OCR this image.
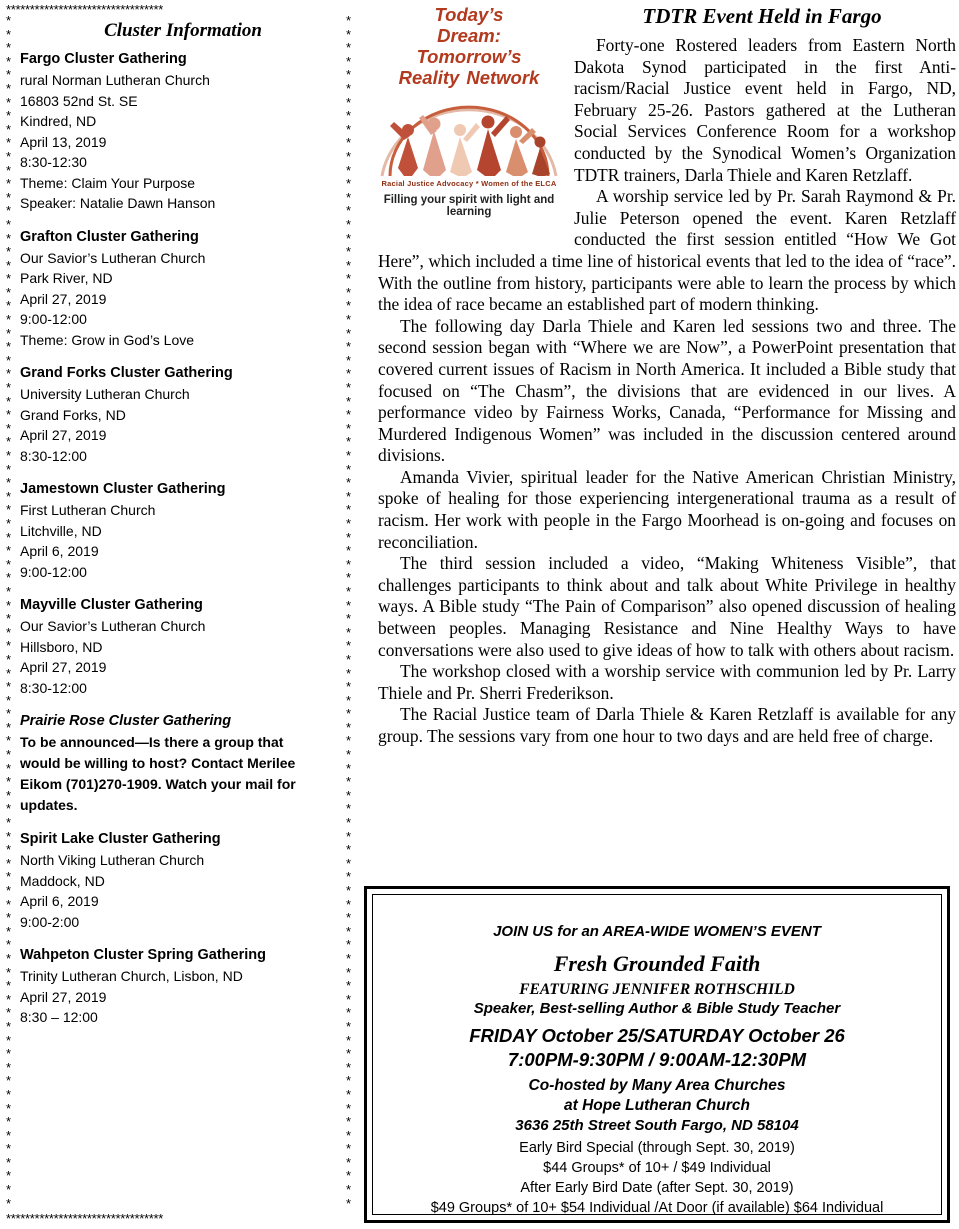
*********************************
*
*
*
*
*
*
*
*
*
*
*
*
*
*
*
*
*
*
*
*
*
*
*
*
*
*
*
*
*
*
*
*
*
*
*
*
*
*
*
*
*
*
*
*
*
*
*
*
*
*
*
*
*
*
*
*
*
*
*
*
*
*
*
*
*
*
*
*
*
*
*
*
*
*
*
*
*
*
*
*
*
*
*
*
*
*
*
*

*
*
*
*
*
*
*
*
*
*
*
*
*
*
*
*
*
*
*
*
*
*
*
*
*
*
*
*
*
*
*
*
*
*
*
*
*
*
*
*
*
*
*
*
*
*
*
*
*
*
*
*
*
*
*
*
*
*
*
*
*
*
*
*
*
*
*
*
*
*
*
*
*
*
*
*
*
*
*
*
*
*
*
*
*
*
*
*

Cluster Information
Fargo Cluster Gathering
rural Norman Lutheran Church
16803 52nd St. SE
Kindred, ND
April 13, 2019
8:30-12:30
Theme: Claim Your Purpose
Speaker: Natalie Dawn Hanson
Grafton Cluster Gathering
Our Savior’s Lutheran Church
Park River, ND
April 27, 2019
9:00-12:00
Theme: Grow in God’s Love
Grand Forks Cluster Gathering
University Lutheran Church
Grand Forks, ND
April 27, 2019
8:30-12:00
Jamestown Cluster Gathering
First Lutheran Church
Litchville, ND
April 6, 2019
9:00-12:00
Mayville Cluster Gathering
Our Savior’s Lutheran Church
Hillsboro, ND
April 27, 2019
8:30-12:00
Prairie Rose Cluster Gathering
To be announced—Is there a group that
would be willing to host? Contact Merilee
Eikom (701)270-1909. Watch your mail for
updates.
Spirit Lake Cluster Gathering
North Viking Lutheran Church
Maddock, ND
April 6, 2019
9:00-2:00
Wahpeton Cluster Spring Gathering
Trinity Lutheran Church, Lisbon, ND
April 27, 2019
8:30 – 12:00
*********************************
Today’s
Dream:
Tomorrow’s
Reality Network
Racial Justice Advocacy * Women of the ELCA
Filling your spirit with light and learning
TDTR Event Held in Fargo

Forty-one Rostered leaders from Eastern North Dakota Synod participated in the first Anti-racism/Racial Justice event held in Fargo, ND, February 25-26. Pastors gathered at the Lutheran Social Services Conference Room for a workshop conducted by the Synodical Women’s Organization TDTR trainers, Darla Thiele and Karen Retzlaff.

A worship service led by Pr. Sarah Raymond & Pr. Julie Peterson opened the event. Karen Retzlaff conducted the first session entitled “How We Got Here”, which included a time line of historical events that led to the idea of “race”. With the outline from history, participants were able to learn the process by which the idea of race became an established part of modern thinking.

The following day Darla Thiele and Karen led sessions two and three. The second session began with “Where we are Now”, a PowerPoint presentation that covered current issues of Racism in North America. It included a Bible study that focused on “The Chasm”, the divisions that are evidenced in our lives. A performance video by Fairness Works, Canada, “Performance for Missing and Murdered Indigenous Women” was included in the discussion centered around divisions.

Amanda Vivier, spiritual leader for the Native American Christian Ministry, spoke of healing for those experiencing intergenerational trauma as a result of racism. Her work with people in the Fargo Moorhead is on-going and focuses on reconciliation.

The third session included a video, “Making Whiteness Visible”, that challenges participants to think about and talk about White Privilege in healthy ways. A Bible study “The Pain of Comparison” also opened discussion of healing between peoples. Managing Resistance and Nine Healthy Ways to have conversations were also used to give ideas of how to talk with others about racism.

The workshop closed with a worship service with communion led by Pr. Larry Thiele and Pr. Sherri Frederikson.

The Racial Justice team of Darla Thiele & Karen Retzlaff is available for any group. The sessions vary from one hour to two days and are held free of charge.

JOIN US for an AREA-WIDE WOMEN’S EVENT
Fresh Grounded Faith
FEATURING JENNIFER ROTHSCHILD
Speaker, Best-selling Author & Bible Study Teacher
FRIDAY October 25/SATURDAY October 26
7:00PM-9:30PM / 9:00AM-12:30PM
Co-hosted by Many Area Churches
at Hope Lutheran Church
3636 25th Street South Fargo, ND 58104
Early Bird Special (through Sept. 30, 2019)
$44 Groups* of 10+ / $49 Individual
After Early Bird Date (after Sept. 30, 2019)
$49 Groups* of 10+ $54 Individual /At Door (if available) $64 Individual
